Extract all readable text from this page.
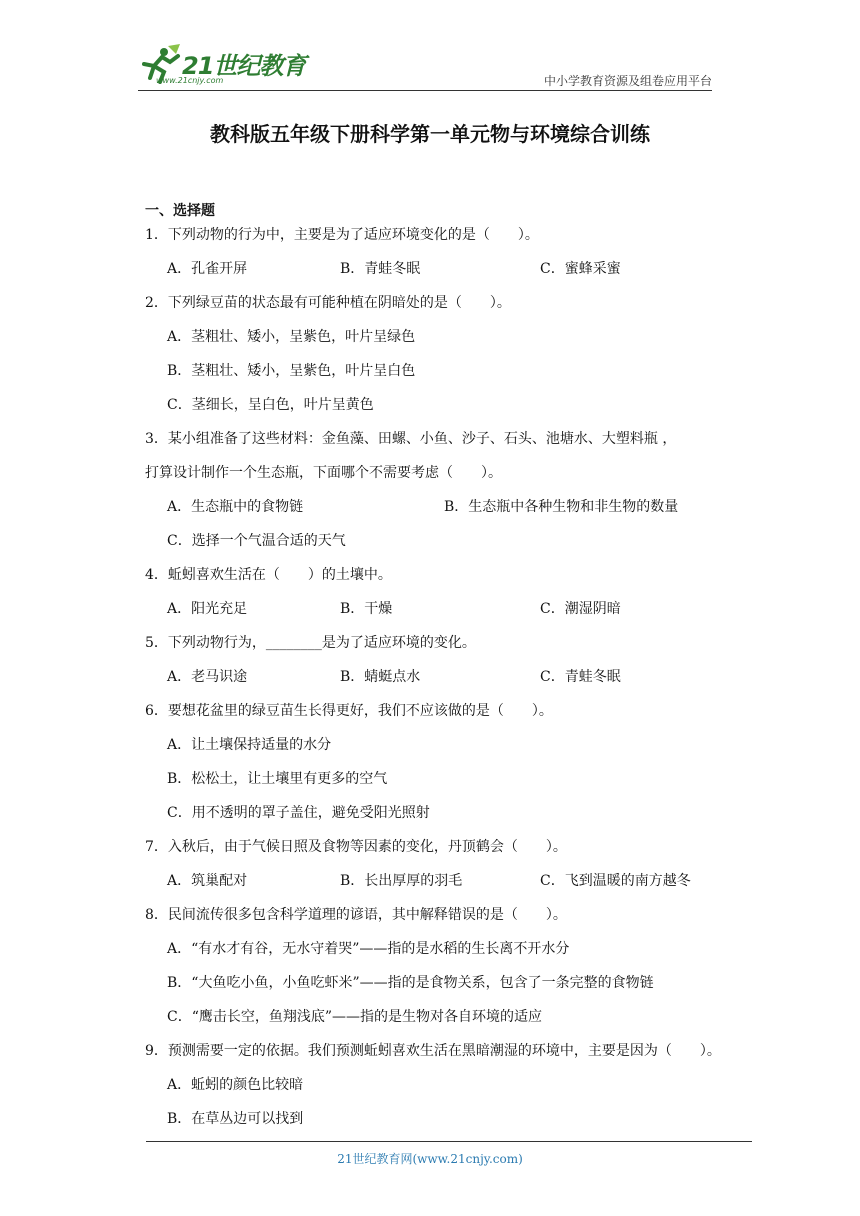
21世纪教育
www.21cnjy.com	中小学教育资源及组卷应用平台
教科版五年级下册科学第一单元物与环境综合训练
一、选择题
1．下列动物的行为中，主要是为了适应环境变化的是（　　）。
A．孔雀开屏	B．青蛙冬眠	C．蜜蜂采蜜
2．下列绿豆苗的状态最有可能种植在阴暗处的是（　　）。
A．茎粗壮、矮小，呈紫色，叶片呈绿色
B．茎粗壮、矮小，呈紫色，叶片呈白色
C．茎细长，呈白色，叶片呈黄色
3．某小组准备了这些材料：金鱼藻、田螺、小鱼、沙子、石头、池塘水、大塑料瓶 ，
打算设计制作一个生态瓶，下面哪个不需要考虑（　　）。
A．生态瓶中的食物链	B．生态瓶中各种生物和非生物的数量
C．选择一个气温合适的天气
4．蚯蚓喜欢生活在（　　）的土壤中。
A．阳光充足	B．干燥	C．潮湿阴暗
5．下列动物行为，________是为了适应环境的变化。
A．老马识途	B．蜻蜓点水	C．青蛙冬眠
6．要想花盆里的绿豆苗生长得更好，我们不应该做的是（　　）。
A．让土壤保持适量的水分
B．松松土，让土壤里有更多的空气
C．用不透明的罩子盖住，避免受阳光照射
7．入秋后，由于气候日照及食物等因素的变化，丹顶鹤会（　　）。
A．筑巢配对	B．长出厚厚的羽毛	C．飞到温暖的南方越冬
8．民间流传很多包含科学道理的谚语，其中解释错误的是（　　）。
A．“有水才有谷，无水守着哭”——指的是水稻的生长离不开水分
B．“大鱼吃小鱼，小鱼吃虾米”——指的是食物关系，包含了一条完整的食物链
C．“鹰击长空，鱼翔浅底”——指的是生物对各自环境的适应
9．预测需要一定的依据。我们预测蚯蚓喜欢生活在黑暗潮湿的环境中，主要是因为（　　）。
A．蚯蚓的颜色比较暗
B．在草丛边可以找到
21世纪教育网(www.21cnjy.com)
